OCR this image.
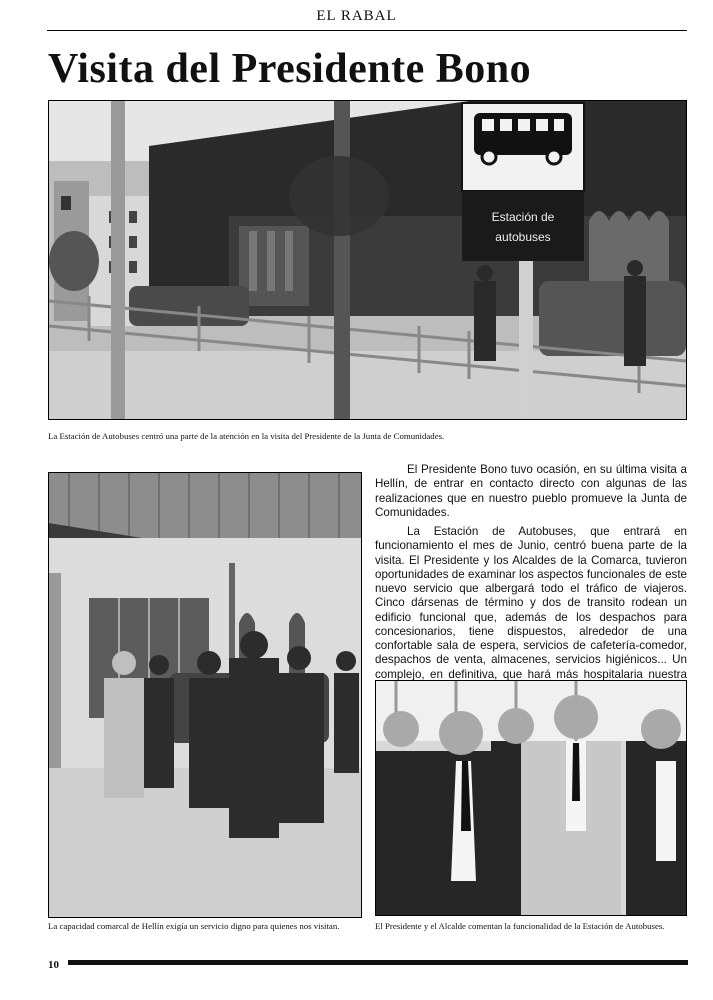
EL RABAL
Visita del Presidente Bono
Estación de
autobuses
La Estación de Autobuses centró una parte de la atención en la visita del Presidente de la Junta de Comunidades.
La capacidad comarcal de Hellín exigía un servicio digno para quienes nos visitan.

El Presidente Bono tuvo ocasión, en su última visita a Hellín, de entrar en contacto directo con algunas de las realizaciones que en nuestro pueblo promueve la Junta de Comunidades.

La Estación de Autobuses, que entrará en funcionamiento el mes de Junio, centró buena parte de la visita. El Presidente y los Alcaldes de la Comarca, tuvieron oportunidades de examinar los aspectos funcionales de este nuevo servicio que albergará todo el tráfico de viajeros. Cinco dársenas de término y dos de transito rodean un edificio funcional que, además de los despachos para concesionarios, tiene dispuestos, alrededor de una confortable sala de espera, servicios de cafetería-comedor, despachos de venta, almacenes, servicios higiénicos... Un complejo, en definitiva, que hará más hospitalaria nuestra

El Presidente y el Alcalde comentan la funcionalidad de la Estación de Autobuses.
10
